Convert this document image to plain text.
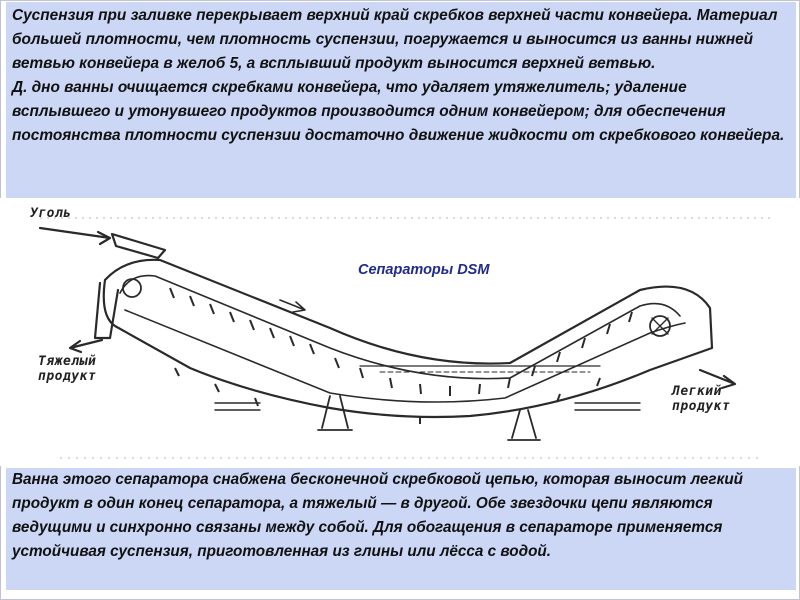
Суспензия при заливке перекрывает верхний край скребков верхней части конвейера. Материал большей плотности, чем плотность суспензии, погружается и выносится из ванны нижней ветвью конвейера в желоб 5, а всплывший продукт выносится верхней ветвью.

Д. дно ванны очищается скребками конвейера, что удаляет утяжелитель; удаление всплывшего и утонувшего продуктов производится одним конвейером; для обеспечения постоянства плотности суспензии достаточно движение жидкости от скребкового конвейера.

Уголь
Тяжелый
продукт
Легкий
продукт
Сепараторы DSM

Ванна этого сепаратора снабжена бесконечной скребковой цепью, которая выносит легкий продукт в один конец сепаратора, а тяжелый — в другой. Обе звездочки цепи являются ведущими и синхронно связаны между собой. Для обогащения в сепараторе применяется устойчивая суспензия, приготовленная из глины или лёсса с водой.
